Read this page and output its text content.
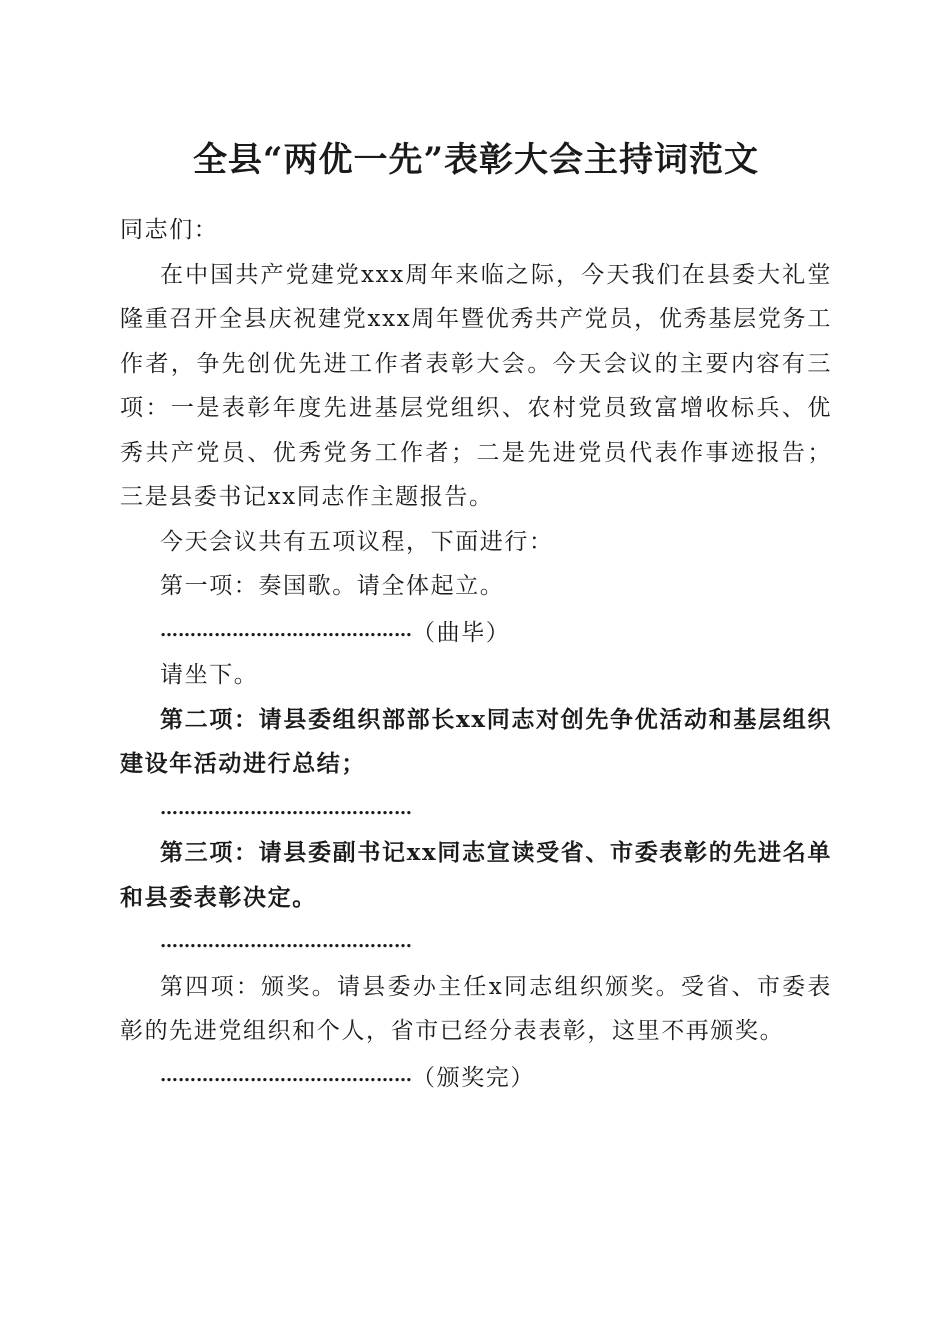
全县“两优一先”表彰大会主持词范文

同志们：

在中国共产党建党xxx周年来临之际，今天我们在县委大礼堂隆重召开全县庆祝建党xxx周年暨优秀共产党员，优秀基层党务工作者，争先创优先进工作者表彰大会。今天会议的主要内容有三项：一是表彰年度先进基层党组织、农村党员致富增收标兵、优秀共产党员、优秀党务工作者；二是先进党员代表作事迹报告；三是县委书记xx同志作主题报告。

今天会议共有五项议程，下面进行：

第一项：奏国歌。请全体起立。

…………………………………… （曲毕）

请坐下。

第二项：请县委组织部部长xx同志对创先争优活动和基层组织建设年活动进行总结；

……………………………………

第三项：请县委副书记xx同志宣读受省、市委表彰的先进名单和县委表彰决定。

……………………………………

第四项：颁奖。请县委办主任x同志组织颁奖。受省、市委表彰的先进党组织和个人，省市已经分表表彰，这里不再颁奖。

…………………………………… （颁奖完）
